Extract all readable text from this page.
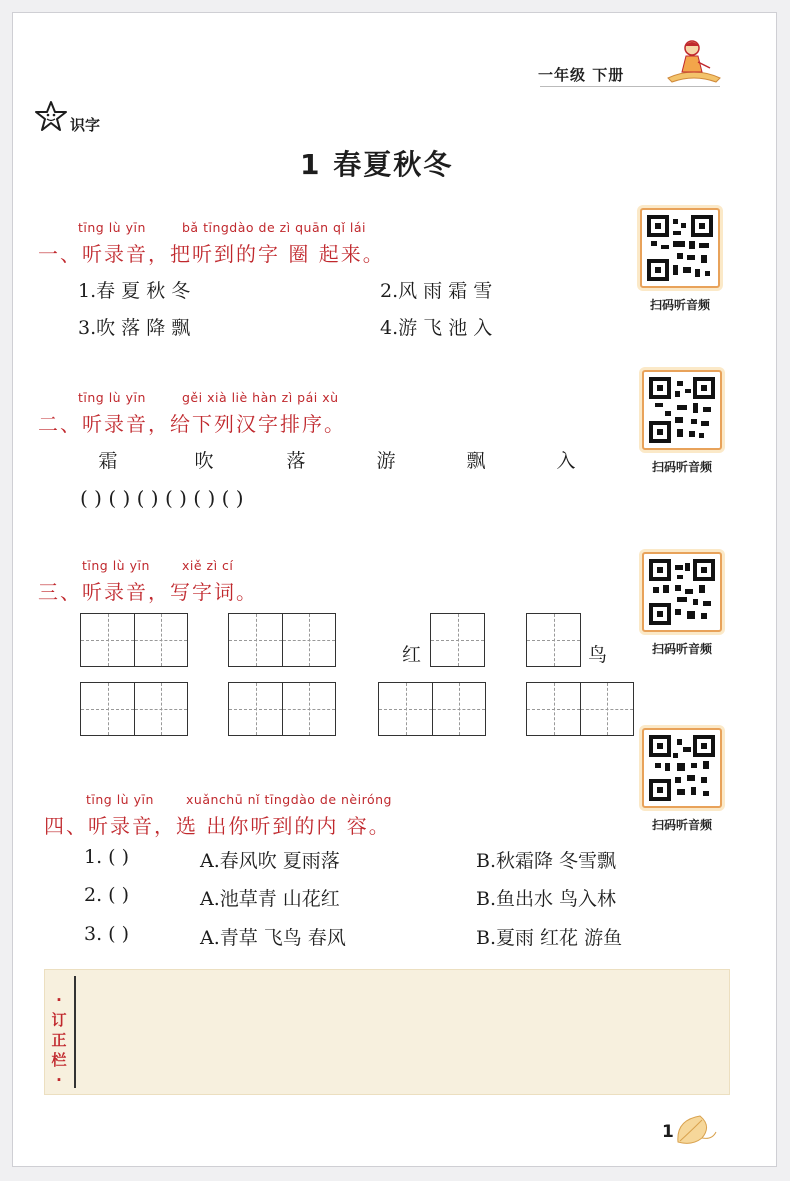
一年级 下册
识字
1 春夏秋冬
tīng lù yīn	bǎ tīngdào de zì quān qǐ lái
一、听录音，把听到的字 圈 起来。
1.春 夏 秋 冬	2.风 雨 霜 雪
3.吹 落 降 飘	4.游 飞 池 入
扫码听音频
tīng lù yīn	gěi xià liè hàn zì pái xù
二、听录音，给下列汉字排序。
霜	吹	落	游	飘	入
( ) ( ) ( ) ( ) ( ) ( )
扫码听音频
tīng lù yīn	xiě zì cí
三、听录音，写字词。
红	鸟	扫码听音频
tīng lù yīn	xuǎnchū nǐ tīngdào de nèiróng
四、听录音，选 出你听到的内 容。
1. ( )	A.春风吹 夏雨落	B.秋霜降 冬雪飘
2. ( )	A.池草青 山花红	B.鱼出水 鸟入林
3. ( )	A.青草 飞鸟 春风	B.夏雨 红花 游鱼
扫码听音频
·
订
正
栏
·
1
